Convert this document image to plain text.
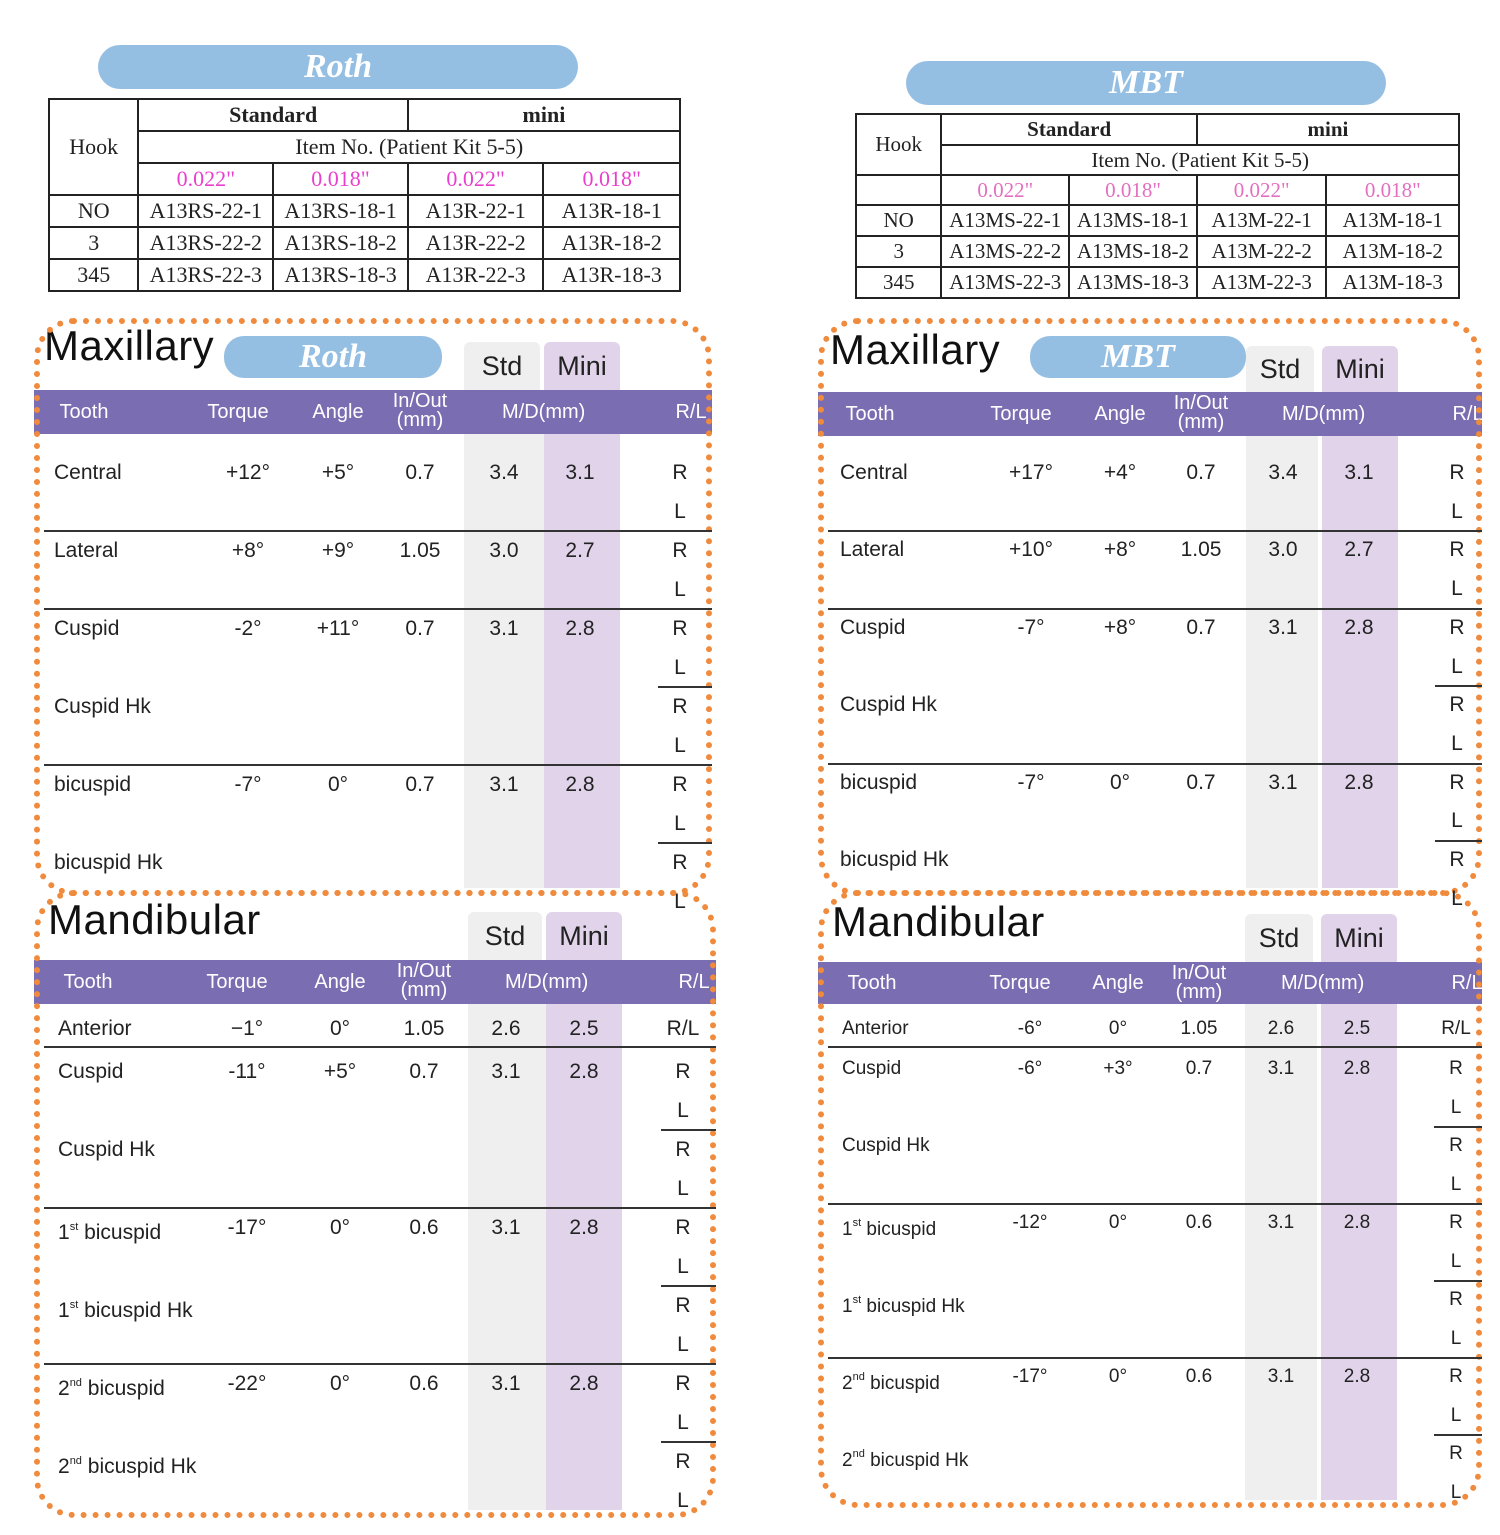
Roth	MBT
Hook	Standard		mini	
	Item No. (Patient Kit 5-5)			
	0.022"	0.018"	0.022"	0.018"
NO	A13RS-22-1	A13RS-18-1	A13R-22-1	A13R-18-1
3	A13RS-22-2	A13RS-18-2	A13R-22-2	A13R-18-2
345	A13RS-22-3	A13RS-18-3	A13R-22-3	A13R-18-3
Hook	Standard		mini	
	Item No. (Patient Kit 5-5)			
	0.022"	0.018"	0.022"	0.018"
NO	A13MS-22-1	A13MS-18-1	A13M-22-1	A13M-18-1
3	A13MS-22-2	A13MS-18-2	A13M-22-2	A13M-18-2
345	A13MS-22-3	A13MS-18-3	A13M-22-3	A13M-18-3
Maxillary	Roth	Std	Mini
Tooth	Torque	Angle	M/D(mm)	R/L
In/Out
(mm)
Central	+12°	+5°	0.7	3.4	3.1	R
L
Lateral	+8°	+9°	1.05	3.0	2.7	R
L
Cuspid	-2°	+11°	0.7	3.1	2.8	R
L
Cuspid Hk	R
L
bicuspid	-7°	0°	0.7	3.1	2.8	R
L
bicuspid Hk	R
L
Maxillary	MBT	Std	Mini
Tooth	Torque	Angle	M/D(mm)	R/L
In/Out
(mm)
Central	+17°	+4°	0.7	3.4	3.1	R
L
Lateral	+10°	+8°	1.05	3.0	2.7	R
L
Cuspid	-7°	+8°	0.7	3.1	2.8	R
L
Cuspid Hk	R
L
bicuspid	-7°	0°	0.7	3.1	2.8	R
L
bicuspid Hk	R
L
Mandibular	Std	Mini
Tooth	Torque	Angle	M/D(mm)	R/L
In/Out
(mm)
Anterior	−1°	0°	1.05	2.6	2.5	R/L
Cuspid	-11°	+5°	0.7	3.1	2.8	R
L
Cuspid Hk	R
L
1st bicuspid	-17°	0°	0.6	3.1	2.8	R
L
1st bicuspid Hk	R
L
2nd bicuspid	-22°	0°	0.6	3.1	2.8	R
L
2nd bicuspid Hk	R
L
Mandibular	Std	Mini
Tooth	Torque	Angle	M/D(mm)	R/L
In/Out
(mm)
Anterior	-6°	0°	1.05	2.6	2.5	R/L
Cuspid	-6°	+3°	0.7	3.1	2.8	R
L
Cuspid Hk	R
L
1st bicuspid	-12°	0°	0.6	3.1	2.8	R
L
1st bicuspid Hk	R
L
2nd bicuspid	-17°	0°	0.6	3.1	2.8	R
L
2nd bicuspid Hk	R
L
